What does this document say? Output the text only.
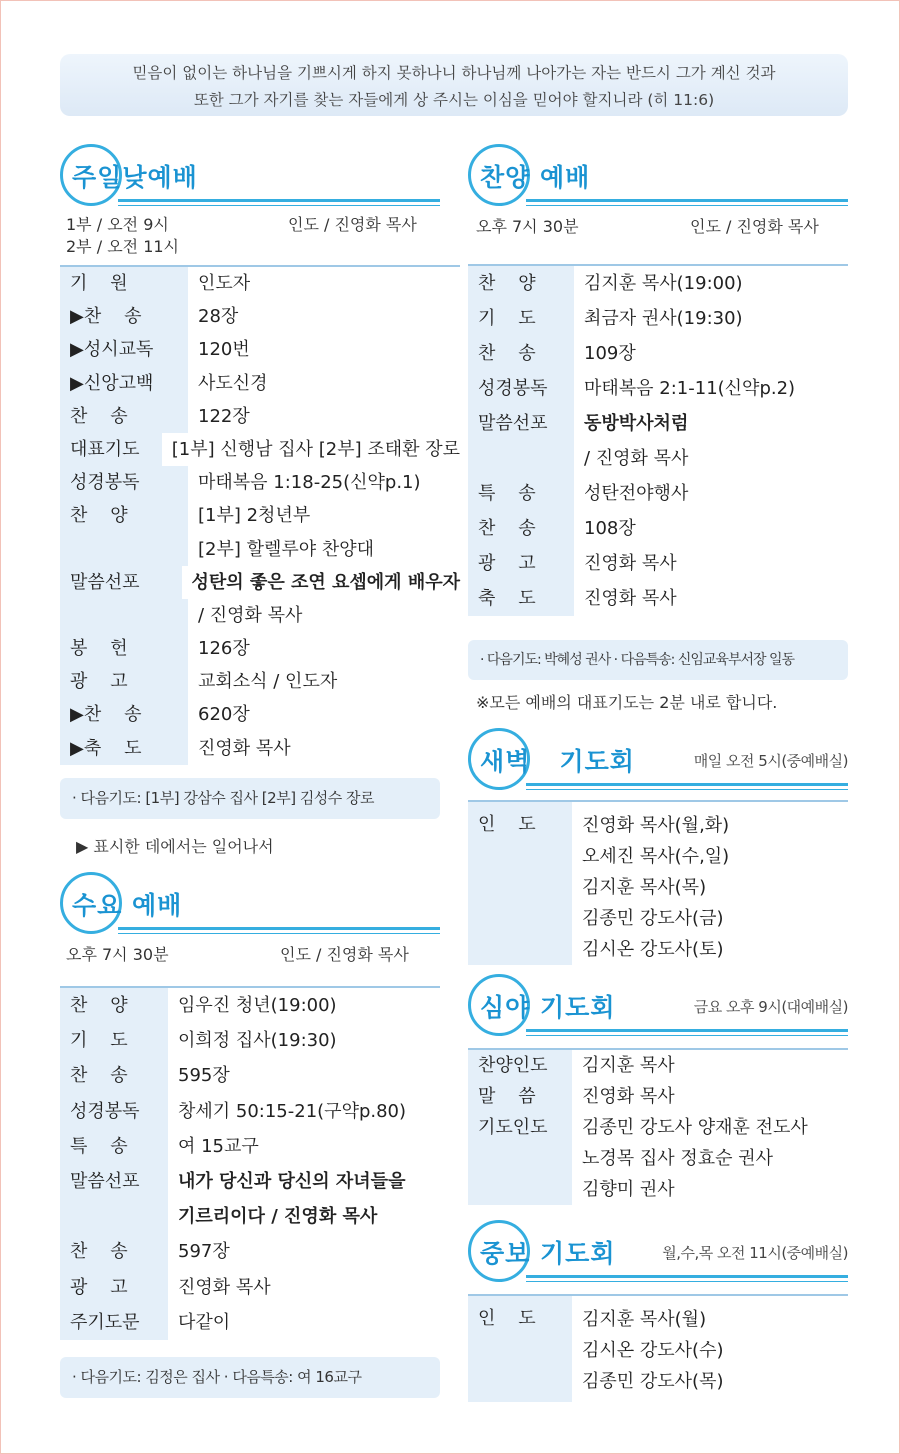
믿음이 없이는 하나님을 기쁘시게 하지 못하나니 하나님께 나아가는 자는 반드시 그가 계신 것과
또한 그가 자기를 찾는 자들에게 상 주시는 이심을 믿어야 할지니라 (히 11:6)
주일낮예배
1부 / 오전 9시
2부 / 오전 11시
인도 / 진영화 목사
기    원	인도자
▶찬    송	28장
▶성시교독	120번
▶신앙고백	사도신경
찬    송	122장
대표기도	[1부] 신행남 집사 [2부] 조태환 장로
성경봉독	마태복음 1:18-25(신약p.1)
찬    양	[1부] 2청년부
[2부] 할렐루야 찬양대
말씀선포	성탄의 좋은 조연 요셉에게 배우자
/ 진영화 목사
봉    헌	126장
광    고	교회소식 / 인도자
▶찬    송	620장
▶축    도	진영화 목사
· 다음기도: [1부] 강삼수 집사 [2부] 김성수 장로
▶ 표시한 데에서는 일어나서
수요 예배
오후 7시 30분	인도 / 진영화 목사
찬    양	임우진 청년(19:00)
기    도	이희정 집사(19:30)
찬    송	595장
성경봉독	창세기 50:15-21(구약p.80)
특    송	여 15교구
말씀선포	내가 당신과 당신의 자녀들을
기르리이다 / 진영화 목사
찬    송	597장
광    고	진영화 목사
주기도문	다같이
· 다음기도: 김정은 집사 · 다음특송: 여 16교구
찬양 예배
오후 7시 30분	인도 / 진영화 목사
찬    양	김지훈 목사(19:00)
기    도	최금자 권사(19:30)
찬    송	109장
성경봉독	마태복음 2:1-11(신약p.2)
말씀선포	동방박사처럼
/ 진영화 목사
특    송	성탄전야행사
찬    송	108장
광    고	진영화 목사
축    도	진영화 목사
· 다음기도: 박혜성 권사 · 다음특송: 신임교육부서장 일동
※모든 예배의 대표기도는 2분 내로 합니다.
새벽 기도회	매일 오전 5시(중예배실)
인    도	진영화 목사(월,화)
오세진 목사(수,일)
김지훈 목사(목)
김종민 강도사(금)
김시온 강도사(토)
심야 기도회	금요 오후 9시(대예배실)
찬양인도	김지훈 목사
말    씀	진영화 목사
기도인도	김종민 강도사 양재훈 전도사
노경목 집사 정효순 권사
김향미 권사
중보 기도회	월,수,목 오전 11시(중예배실)
인    도	김지훈 목사(월)
김시온 강도사(수)
김종민 강도사(목)
